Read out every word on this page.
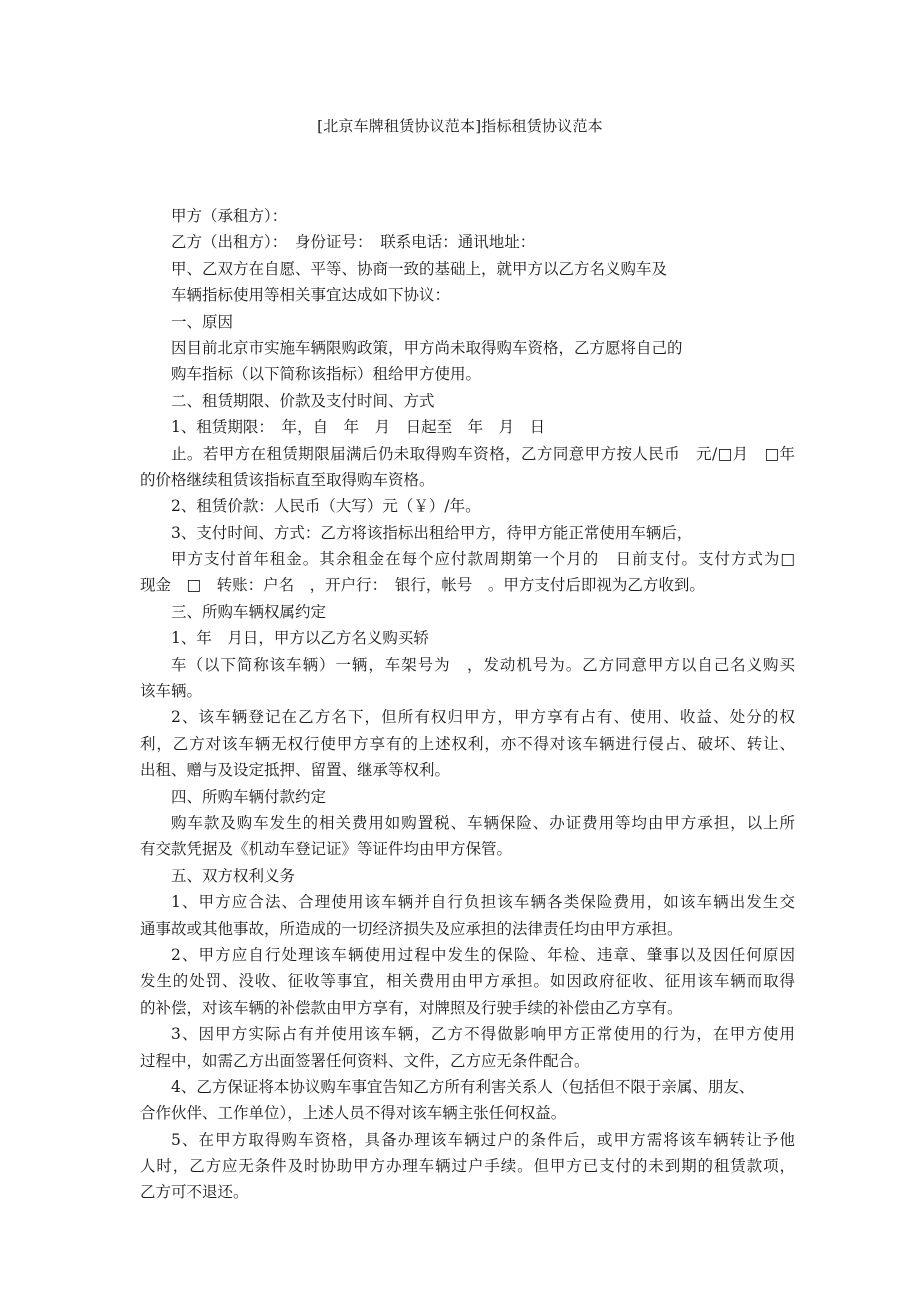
[北京车牌租赁协议范本]指标租赁协议范本
甲方（承租方）：
乙方（出租方）：　身份证号：　联系电话：通讯地址：
甲、乙双方在自愿、平等、协商一致的基础上，就甲方以乙方名义购车及
车辆指标使用等相关事宜达成如下协议：
一、原因
因目前北京市实施车辆限购政策，甲方尚未取得购车资格，乙方愿将自己的
购车指标（以下简称该指标）租给甲方使用。
二、租赁期限、价款及支付时间、方式
1、租赁期限：　年，自　年　月　日起至　年　月　日
止。若甲方在租赁期限届满后仍未取得购车资格，乙方同意甲方按人民币　元/□月　□年
的价格继续租赁该指标直至取得购车资格。
2、租赁价款：人民币（大写）元（￥）/年。
3、支付时间、方式：乙方将该指标出租给甲方，待甲方能正常使用车辆后，
甲方支付首年租金。其余租金在每个应付款周期第一个月的　日前支付。支付方式为□
现金　□　转账：户名　，开户行：　银行，帐号　。甲方支付后即视为乙方收到。
三、所购车辆权属约定
1、年　月日，甲方以乙方名义购买轿
车（以下简称该车辆）一辆，车架号为　，发动机号为。乙方同意甲方以自己名义购买
该车辆。
2、该车辆登记在乙方名下，但所有权归甲方，甲方享有占有、使用、收益、处分的权
利，乙方对该车辆无权行使甲方享有的上述权利，亦不得对该车辆进行侵占、破坏、转让、
出租、赠与及设定抵押、留置、继承等权利。
四、所购车辆付款约定
购车款及购车发生的相关费用如购置税、车辆保险、办证费用等均由甲方承担，以上所
有交款凭据及《机动车登记证》等证件均由甲方保管。
五、双方权利义务
1、甲方应合法、合理使用该车辆并自行负担该车辆各类保险费用，如该车辆出发生交
通事故或其他事故，所造成的一切经济损失及应承担的法律责任均由甲方承担。
2、甲方应自行处理该车辆使用过程中发生的保险、年检、违章、肇事以及因任何原因
发生的处罚、没收、征收等事宜，相关费用由甲方承担。如因政府征收、征用该车辆而取得
的补偿，对该车辆的补偿款由甲方享有，对牌照及行驶手续的补偿由乙方享有。
3、因甲方实际占有并使用该车辆，乙方不得做影响甲方正常使用的行为，在甲方使用
过程中，如需乙方出面签署任何资料、文件，乙方应无条件配合。
4、乙方保证将本协议购车事宜告知乙方所有利害关系人（包括但不限于亲属、朋友、
合作伙伴、工作单位），上述人员不得对该车辆主张任何权益。
5、在甲方取得购车资格，具备办理该车辆过户的条件后，或甲方需将该车辆转让予他
人时，乙方应无条件及时协助甲方办理车辆过户手续。但甲方已支付的未到期的租赁款项，
乙方可不退还。
